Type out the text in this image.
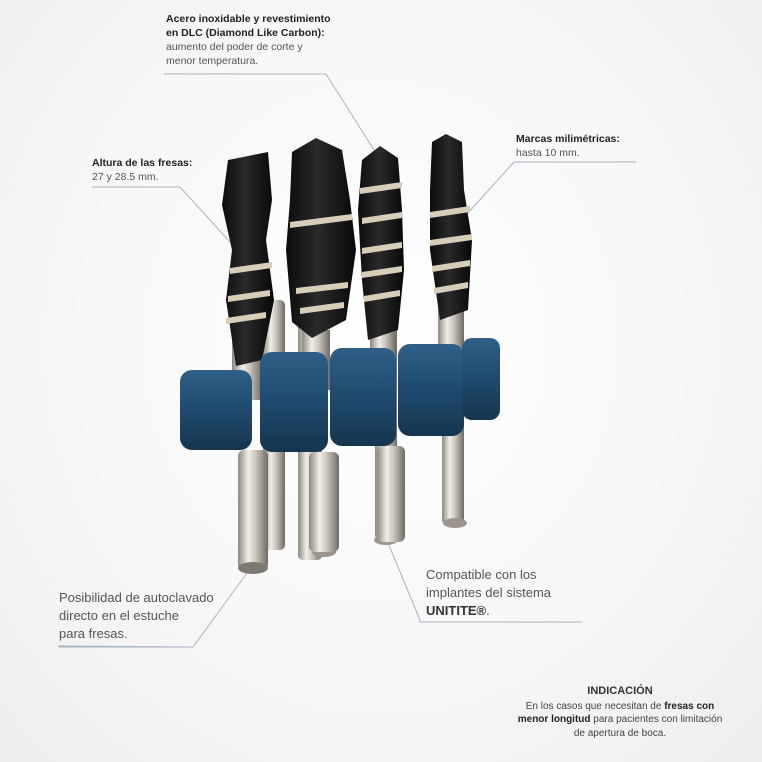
Acero inoxidable y revestimiento
en DLC (Diamond Like Carbon):
aumento del poder de corte y
menor temperatura.
Altura de las fresas:
27 y 28.5 mm.
Marcas milimétricas:
hasta 10 mm.
Posibilidad de autoclavado
directo en el estuche
para fresas.
Compatible con los
implantes del sistema
UNITITE®.
INDICACIÓN
En los casos que necesitan de fresas con
menor longitud para pacientes con limitación
de apertura de boca.
